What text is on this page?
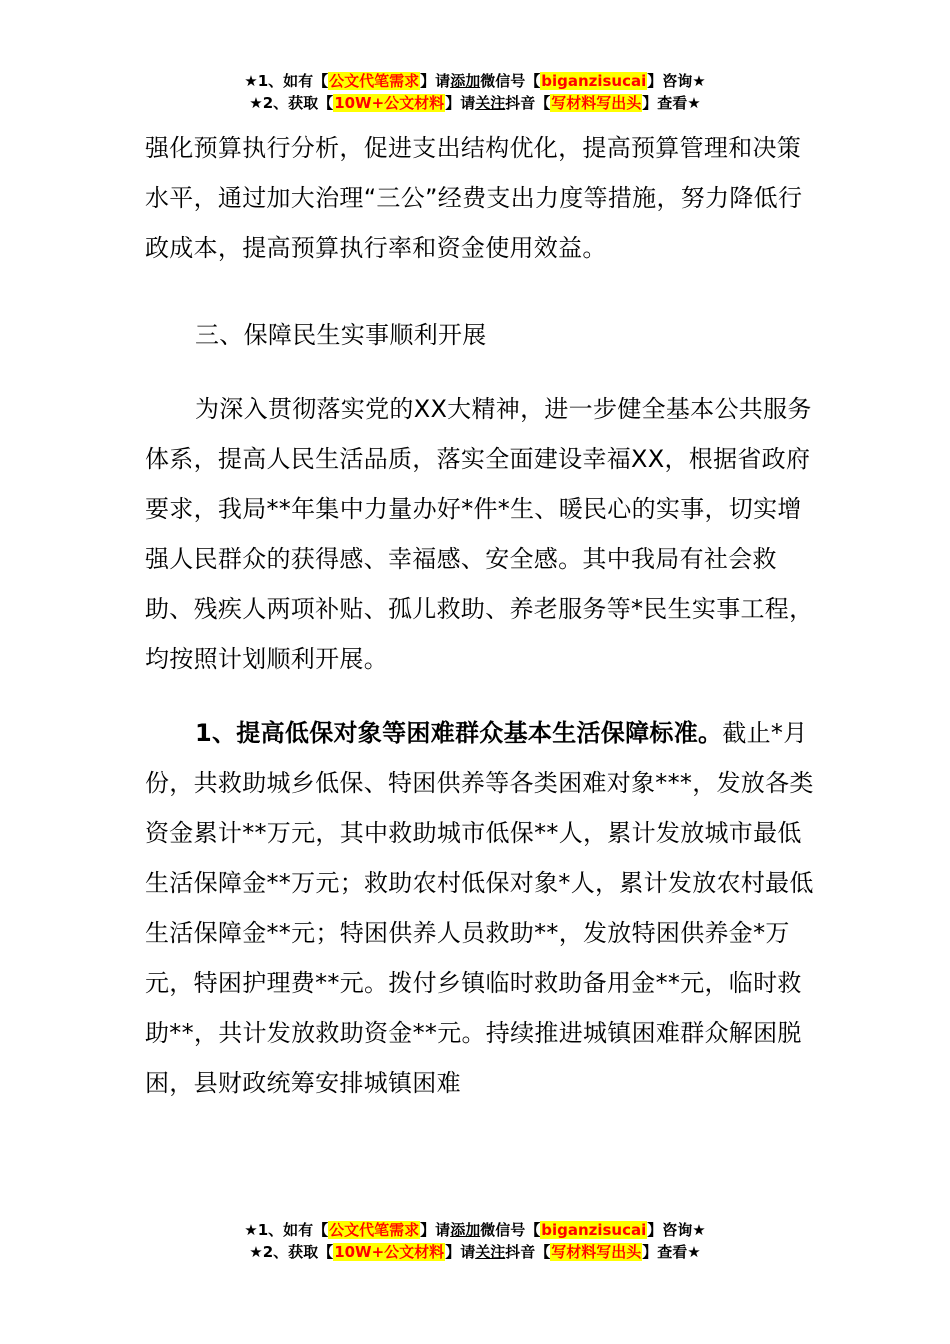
★1、如有【公文代笔需求】请添加微信号【biganzisucai】咨询★
★2、获取【10W+公文材料】请关注抖音【写材料写出头】查看★

强化预算执行分析，促进支出结构优化，提高预算管理和决策水平，通过加大治理“三公”经费支出力度等措施，努力降低行政成本，提高预算执行率和资金使用效益。

三、保障民生实事顺利开展

为深入贯彻落实党的XX大精神，进一步健全基本公共服务体系，提高人民生活品质，落实全面建设幸福XX，根据省政府要求，我局**年集中力量办好*件*生、暖民心的实事，切实增强人民群众的获得感、幸福感、安全感。其中我局有社会救助、残疾人两项补贴、孤儿救助、养老服务等*民生实事工程，均按照计划顺利开展。

1、提高低保对象等困难群众基本生活保障标准。截止*月份，共救助城乡低保、特困供养等各类困难对象***，发放各类资金累计**万元，其中救助城市低保**人，累计发放城市最低生活保障金**万元；救助农村低保对象*人，累计发放农村最低生活保障金**元；特困供养人员救助**，发放特困供养金*万元，特困护理费**元。拨付乡镇临时救助备用金**元，临时救助**，共计发放救助资金**元。持续推进城镇困难群众解困脱困，县财政统筹安排城镇困难

★1、如有【公文代笔需求】请添加微信号【biganzisucai】咨询★
★2、获取【10W+公文材料】请关注抖音【写材料写出头】查看★
